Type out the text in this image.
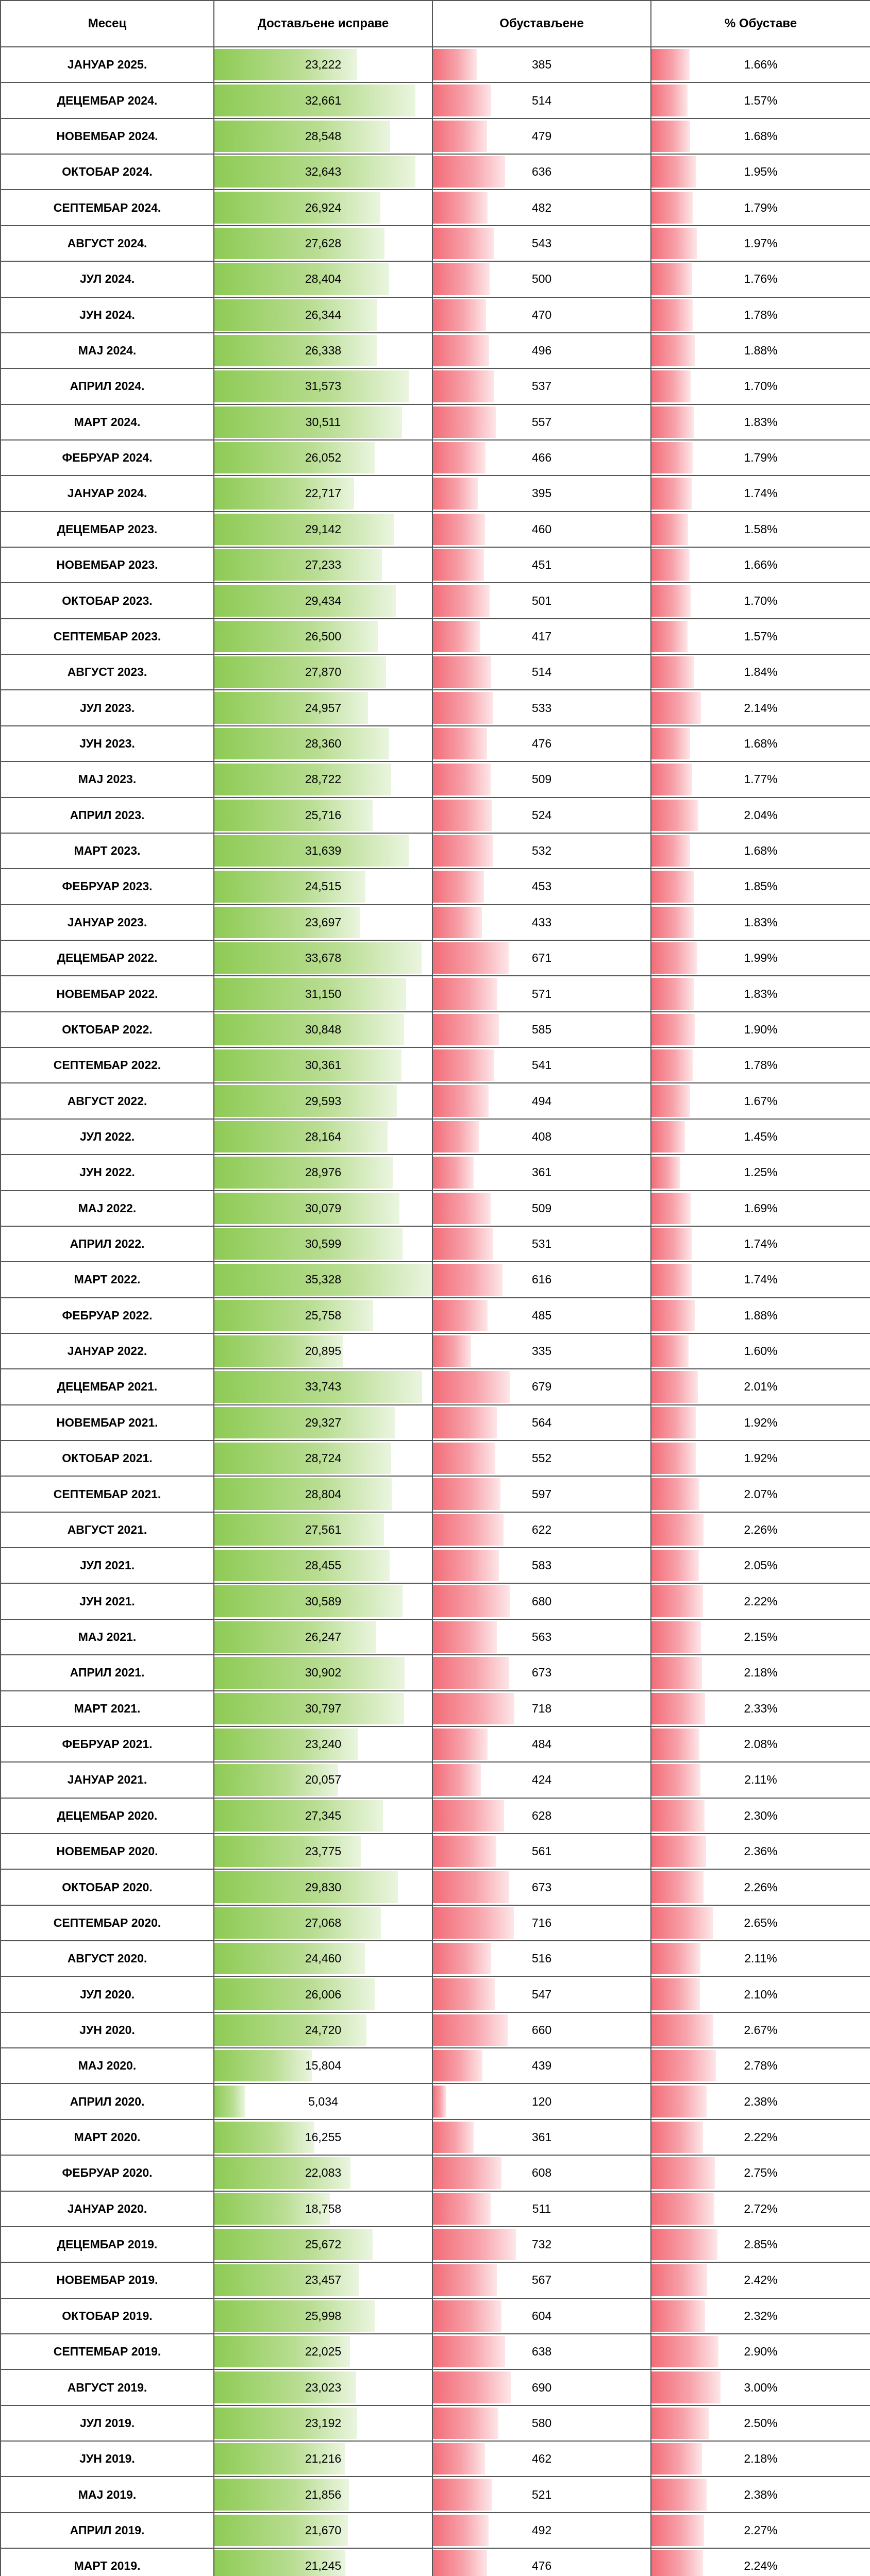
Месец	Достављене исправе	Обустављене	% Обуставе
ЈАНУАР 2025.	23,222	385	1.66%
ДЕЦЕМБАР 2024.	32,661	514	1.57%
НОВЕМБАР 2024.	28,548	479	1.68%
ОКТОБАР 2024.	32,643	636	1.95%
СЕПТЕМБАР 2024.	26,924	482	1.79%
АВГУСТ 2024.	27,628	543	1.97%
ЈУЛ 2024.	28,404	500	1.76%
ЈУН 2024.	26,344	470	1.78%
МАЈ 2024.	26,338	496	1.88%
АПРИЛ 2024.	31,573	537	1.70%
МАРТ 2024.	30,511	557	1.83%
ФЕБРУАР 2024.	26,052	466	1.79%
ЈАНУАР 2024.	22,717	395	1.74%
ДЕЦЕМБАР 2023.	29,142	460	1.58%
НОВЕМБАР 2023.	27,233	451	1.66%
ОКТОБАР 2023.	29,434	501	1.70%
СЕПТЕМБАР 2023.	26,500	417	1.57%
АВГУСТ 2023.	27,870	514	1.84%
ЈУЛ 2023.	24,957	533	2.14%
ЈУН 2023.	28,360	476	1.68%
МАЈ 2023.	28,722	509	1.77%
АПРИЛ 2023.	25,716	524	2.04%
МАРТ 2023.	31,639	532	1.68%
ФЕБРУАР 2023.	24,515	453	1.85%
ЈАНУАР 2023.	23,697	433	1.83%
ДЕЦЕМБАР 2022.	33,678	671	1.99%
НОВЕМБАР 2022.	31,150	571	1.83%
ОКТОБАР 2022.	30,848	585	1.90%
СЕПТЕМБАР 2022.	30,361	541	1.78%
АВГУСТ 2022.	29,593	494	1.67%
ЈУЛ 2022.	28,164	408	1.45%
ЈУН 2022.	28,976	361	1.25%
МАЈ 2022.	30,079	509	1.69%
АПРИЛ 2022.	30,599	531	1.74%
МАРТ 2022.	35,328	616	1.74%
ФЕБРУАР 2022.	25,758	485	1.88%
ЈАНУАР 2022.	20,895	335	1.60%
ДЕЦЕМБАР 2021.	33,743	679	2.01%
НОВЕМБАР 2021.	29,327	564	1.92%
ОКТОБАР 2021.	28,724	552	1.92%
СЕПТЕМБАР 2021.	28,804	597	2.07%
АВГУСТ 2021.	27,561	622	2.26%
ЈУЛ 2021.	28,455	583	2.05%
ЈУН 2021.	30,589	680	2.22%
МАЈ 2021.	26,247	563	2.15%
АПРИЛ 2021.	30,902	673	2.18%
МАРТ 2021.	30,797	718	2.33%
ФЕБРУАР 2021.	23,240	484	2.08%
ЈАНУАР 2021.	20,057	424	2.11%
ДЕЦЕМБАР 2020.	27,345	628	2.30%
НОВЕМБАР 2020.	23,775	561	2.36%
ОКТОБАР 2020.	29,830	673	2.26%
СЕПТЕМБАР 2020.	27,068	716	2.65%
АВГУСТ 2020.	24,460	516	2.11%
ЈУЛ 2020.	26,006	547	2.10%
ЈУН 2020.	24,720	660	2.67%
МАЈ 2020.	15,804	439	2.78%
АПРИЛ 2020.	5,034	120	2.38%
МАРТ 2020.	16,255	361	2.22%
ФЕБРУАР 2020.	22,083	608	2.75%
ЈАНУАР 2020.	18,758	511	2.72%
ДЕЦЕМБАР 2019.	25,672	732	2.85%
НОВЕМБАР 2019.	23,457	567	2.42%
ОКТОБАР 2019.	25,998	604	2.32%
СЕПТЕМБАР 2019.	22,025	638	2.90%
АВГУСТ 2019.	23,023	690	3.00%
ЈУЛ 2019.	23,192	580	2.50%
ЈУН 2019.	21,216	462	2.18%
МАЈ 2019.	21,856	521	2.38%
АПРИЛ 2019.	21,670	492	2.27%
МАРТ 2019.	21,245	476	2.24%
